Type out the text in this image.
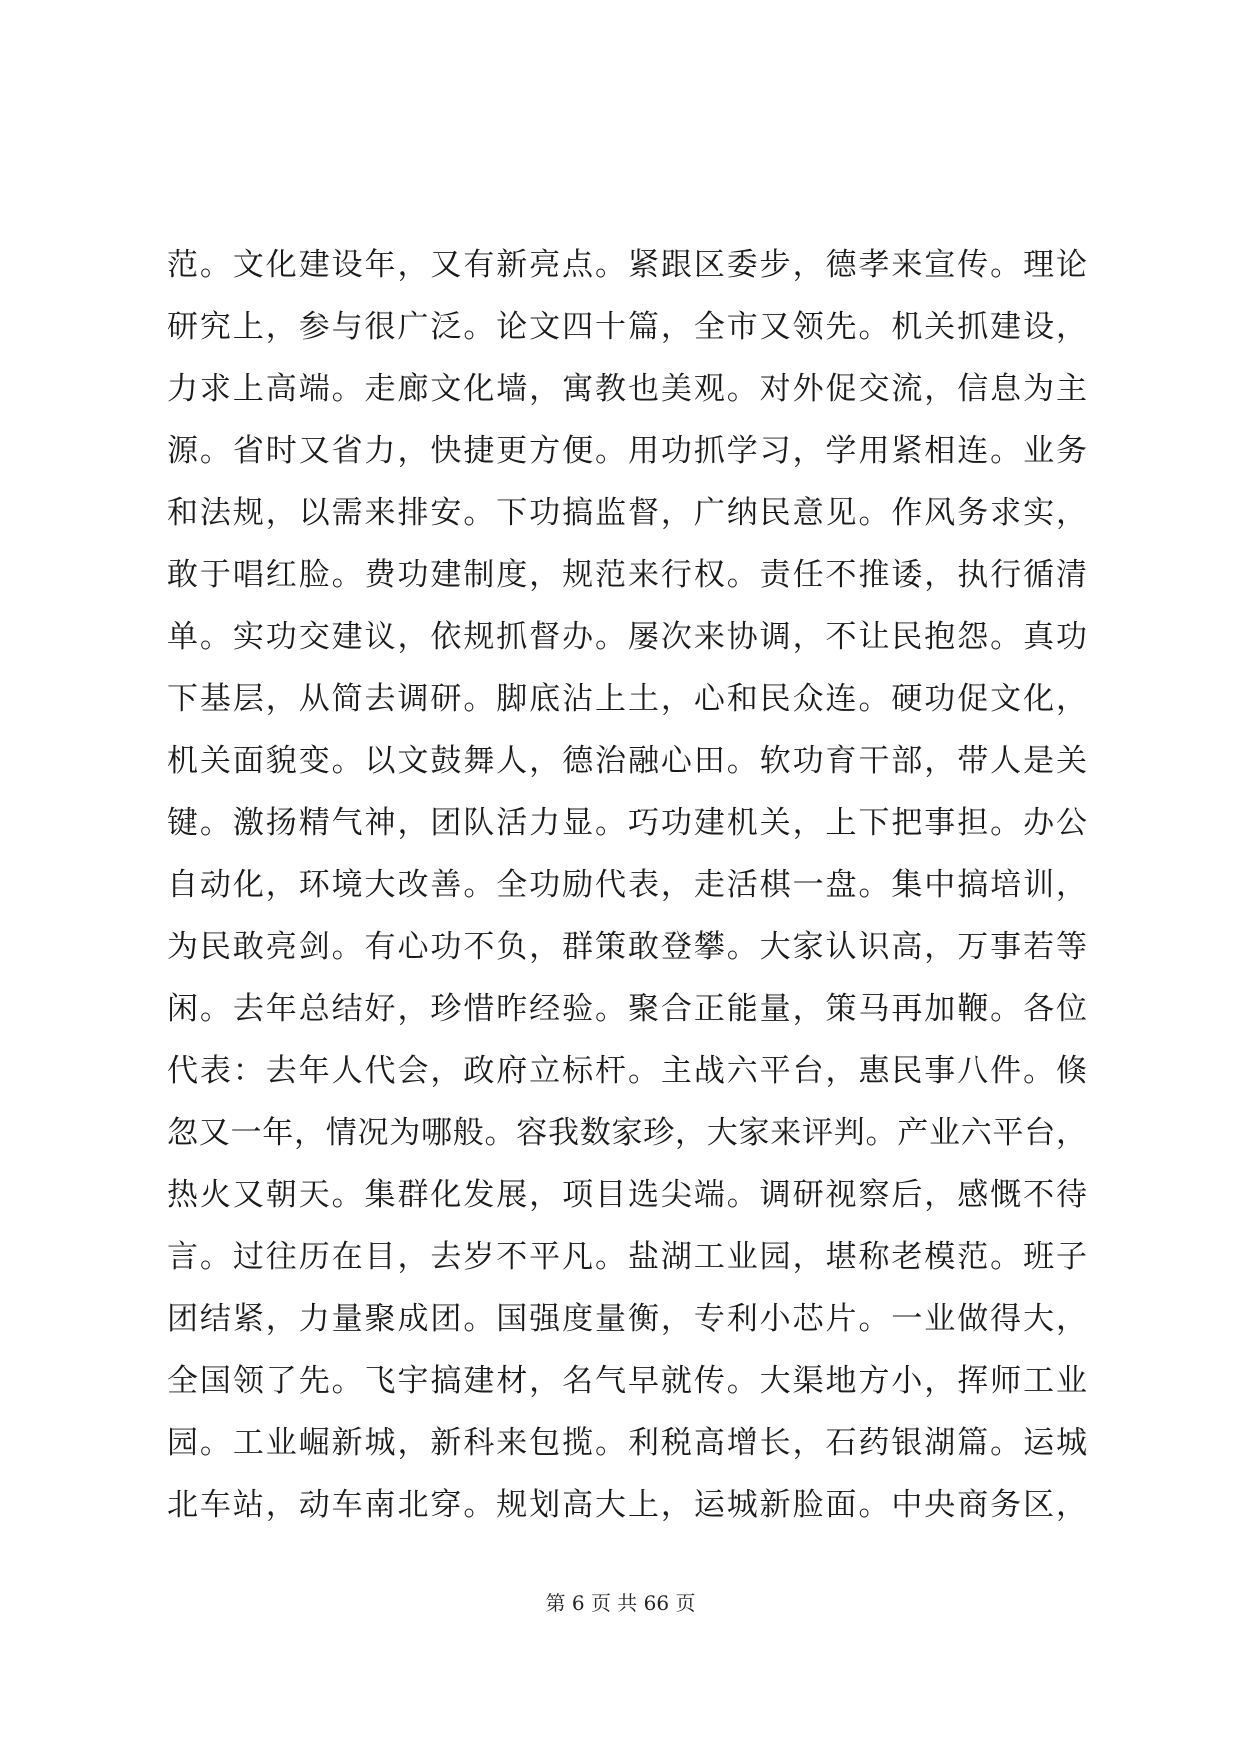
范。文化建设年，又有新亮点。紧跟区委步，德孝来宣传。理论
研究上，参与很广泛。论文四十篇，全市又领先。机关抓建设，
力求上高端。走廊文化墙，寓教也美观。对外促交流，信息为主
源。省时又省力，快捷更方便。用功抓学习，学用紧相连。业务
和法规，以需来排安。下功搞监督，广纳民意见。作风务求实，
敢于唱红脸。费功建制度，规范来行权。责任不推诿，执行循清
单。实功交建议，依规抓督办。屡次来协调，不让民抱怨。真功
下基层，从简去调研。脚底沾上土，心和民众连。硬功促文化，
机关面貌变。以文鼓舞人，德治融心田。软功育干部，带人是关
键。激扬精气神，团队活力显。巧功建机关，上下把事担。办公
自动化，环境大改善。全功励代表，走活棋一盘。集中搞培训，
为民敢亮剑。有心功不负，群策敢登攀。大家认识高，万事若等
闲。去年总结好，珍惜昨经验。聚合正能量，策马再加鞭。各位
代表：去年人代会，政府立标杆。主战六平台，惠民事八件。倏
忽又一年，情况为哪般。容我数家珍，大家来评判。产业六平台，
热火又朝天。集群化发展，项目选尖端。调研视察后，感慨不待
言。过往历在目，去岁不平凡。盐湖工业园，堪称老模范。班子
团结紧，力量聚成团。国强度量衡，专利小芯片。一业做得大，
全国领了先。飞宇搞建材，名气早就传。大渠地方小，挥师工业
园。工业崛新城，新科来包揽。利税高增长，石药银湖篇。运城
北车站，动车南北穿。规划高大上，运城新脸面。中央商务区，
第 6 页 共 66 页
